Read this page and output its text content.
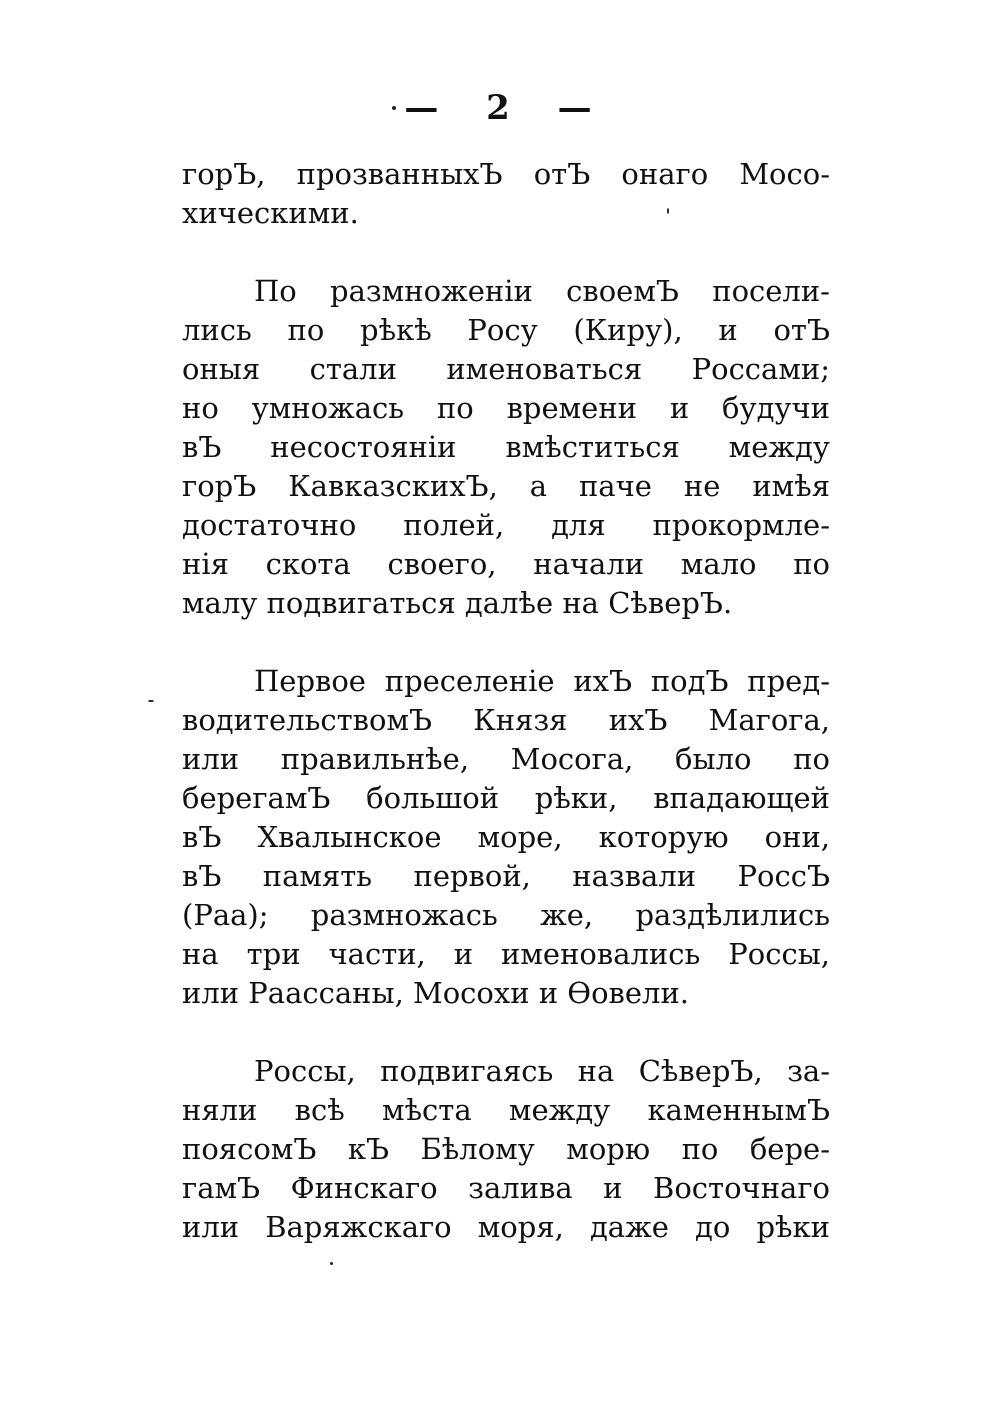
— 2 —
горЪ, прозванныхЪ отЪ онаго Мосо-
хическими.
По размноженіи своемЪ посели-
лись по рѣкѣ Росу (Киру), и отЪ
оныя стали именоваться Россами;
но умножась по времени и будучи
вЪ несостояніи вмѣститься между
горЪ КавказскихЪ, а паче не имѣя
достаточно полей, для прокормле-
нія скота своего, начали мало по
малу подвигаться далѣе на СѣверЪ.
Первое преселеніе ихЪ подЪ пред-
водительствомЪ Князя ихЪ Магога,
или правильнѣе, Мосога, было по
берегамЪ большой рѣки, впадающей
вЪ Хвалынское море, которую они,
вЪ память первой, назвали РоссЪ
(Раа); размножась же, раздѣлились
на три части, и именовались Россы,
или Раассаны, Мосохи и Ѳовели.
Россы, подвигаясь на СѣверЪ, за-
няли всѣ мѣста между каменнымЪ
поясомЪ кЪ Бѣлому морю по бере-
гамЪ Финскаго залива и Восточнаго
или Варяжскаго моря, даже до рѣки
